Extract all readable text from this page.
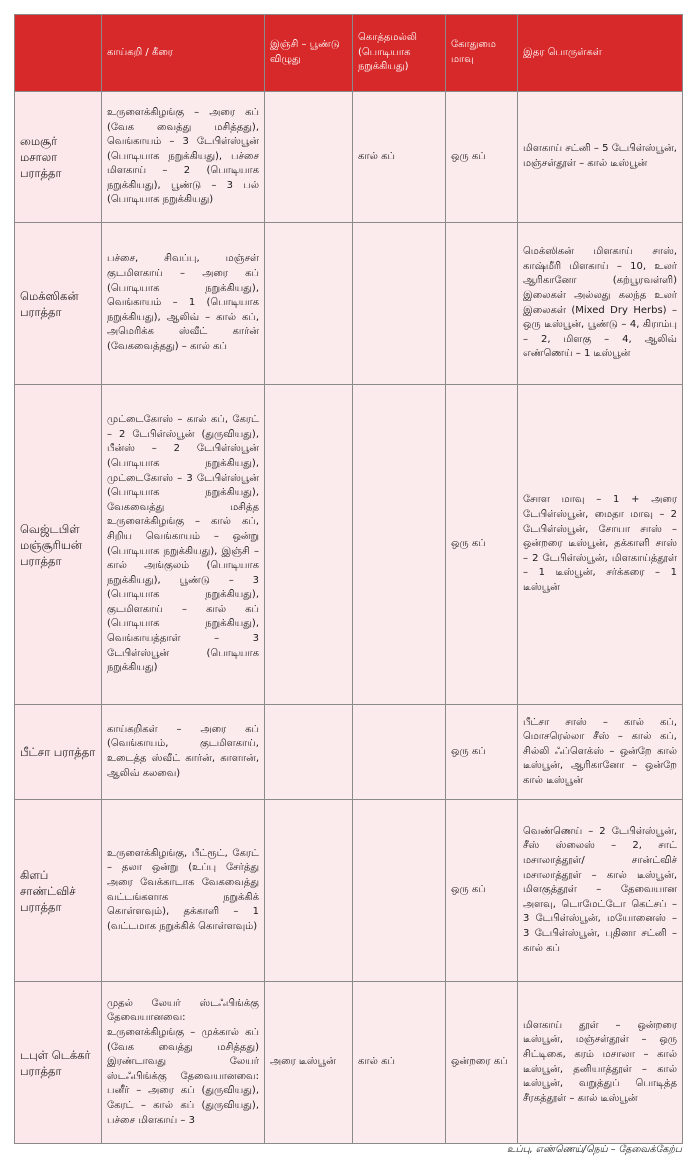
	காய்கறி / கீரை	இஞ்சி – பூண்டு விழுது	கொத்தமல்லி (பொடியாக நறுக்கியது)	கோதுமை மாவு	இதர பொருள்கள்
மைசூர் மசாலா பராத்தா	உருளைக்கிழங்கு – அரை கப் (வேக வைத்து மசித்தது), வெங்காயம் – 3 டேபிள்ஸ்பூன் (பொடியாக நறுக்கியது), பச்சை மிளகாய் – 2 (பொடியாக நறுக்கியது), பூண்டு – 3 பல் (பொடியாக நறுக்கியது)		கால் கப்	ஒரு கப்	மிளகாய் சட்னி – 5 டேபிள்ஸ்பூன், மஞ்சள்தூள் – கால் டீஸ்பூன்
மெக்ஸிகன் பராத்தா	பச்சை, சிவப்பு, மஞ்சள் குடமிளகாய் – அரை கப் (பொடியாக நறுக்கியது), வெங்காயம் – 1 (பொடியாக நறுக்கியது), ஆலிவ் – கால் கப், அமெரிக்க ஸ்வீட் கார்ன் (வேகவைத்தது) – கால் கப்				மெக்ஸிகன் மிளகாய் சாஸ், காஷ்மீரி மிளகாய் – 10, உலர் ஆரிகானோ (கற்பூரவள்ளி) இலைகள் அல்லது கலந்த உலர் இலைகள் (Mixed Dry Herbs) – ஒரு டீஸ்பூன், பூண்டு – 4, கிராம்பு – 2, மிளகு – 4, ஆலிவ் எண்ணெய் – 1 டீஸ்பூன்
வெஜ்டபிள் மஞ்சூரியன் பராத்தா	முட்டைகோஸ் – கால் கப், கேரட் – 2 டேபிள்ஸ்பூன் (துருவியது), பீன்ஸ் – 2 டேபிள்ஸ்பூன் (பொடியாக நறுக்கியது), முட்டைகோஸ் – 3 டேபிள்ஸ்பூன் (பொடியாக நறுக்கியது), வேகவைத்து மசித்த உருளைக்கிழங்கு – கால் கப், சிறிய வெங்காயம் – ஒன்று (பொடியாக நறுக்கியது), இஞ்சி – கால் அங்குலம் (பொடியாக நறுக்கியது), பூண்டு – 3 (பொடியாக நறுக்கியது), குடமிளகாய் – கால் கப் (பொடியாக நறுக்கியது), வெங்காயத்தாள் – 3 டேபிள்ஸ்பூன் (பொடியாக நறுக்கியது)			ஒரு கப்	சோள மாவு – 1 + அரை டேபிள்ஸ்பூன், மைதா மாவு – 2 டேபிள்ஸ்பூன், சோயா சாஸ் – ஒன்றரை டீஸ்பூன், தக்காளி சாஸ் – 2 டேபிள்ஸ்பூன், மிளகாய்த்தூள் – 1 டீஸ்பூன், சர்க்கரை – 1 டீஸ்பூன்
பீட்சா பராத்தா	காய்கறிகள் – அரை கப் (வெங்காயம், குடமிளகாய், உடைத்த ஸ்வீட் கார்ன், காளான், ஆலிவ் கலவை)			ஒரு கப்	பீட்சா சாஸ் – கால் கப், மொசரெல்லா சீஸ் – கால் கப், சில்லி ஃப்ளெக்ஸ் – ஒன்றே கால் டீஸ்பூன், ஆரிகானோ – ஒன்றே கால் டீஸ்பூன்
கிளப் சாண்ட்விச் பராத்தா	உருளைக்கிழங்கு, பீட்ரூட், கேரட் – தலா ஒன்று (உப்பு சேர்த்து அரை வேக்காடாக வேகவைத்து வட்டங்களாக நறுக்கிக் கொள்ளவும்), தக்காளி – 1 (வட்டமாக நறுக்கிக் கொள்ளவும்)			ஒரு கப்	வெண்ணெய் – 2 டேபிள்ஸ்பூன், சீஸ் ஸ்லைஸ் – 2, சாட் மசாலாத்தூள்/ சான்ட்விச் மசாலாத்தூள் – கால் டீஸ்பூன், மிளகுத்தூள் – தேவையான அளவு, டொமேட்டோ கெட்சப் – 3 டேபிள்ஸ்பூன், மயோனைஸ் – 3 டேபிள்ஸ்பூன், புதினா சட்னி – கால் கப்
டபுள் டெக்கர் பராத்தா	முதல் லேயர் ஸ்டஃபிங்க்கு தேவையானவை: உருளைக்கிழங்கு – முக்கால் கப் (வேக வைத்து மசித்தது) இரண்டாவது லேயர் ஸ்டஃபிங்க்கு தேவையானவை: பனீர் – அரை கப் (துருவியது), கேரட் – கால் கப் (துருவியது), பச்சை மிளகாய் – 3	அரை டீஸ்பூன்	கால் கப்	ஒன்றரை கப்	மிளகாய் தூள் – ஒன்றரை டீஸ்பூன், மஞ்சள்தூள் – ஒரு சிட்டிகை, கரம் மசாலா – கால் டீஸ்பூன், தனியாத்தூள் – கால் டீஸ்பூன், வறுத்துப் பொடித்த சீரகத்தூள் – கால் டீஸ்பூன்
உப்பு, எண்ணெய்/நெய் – தேவைக்கேற்ப
